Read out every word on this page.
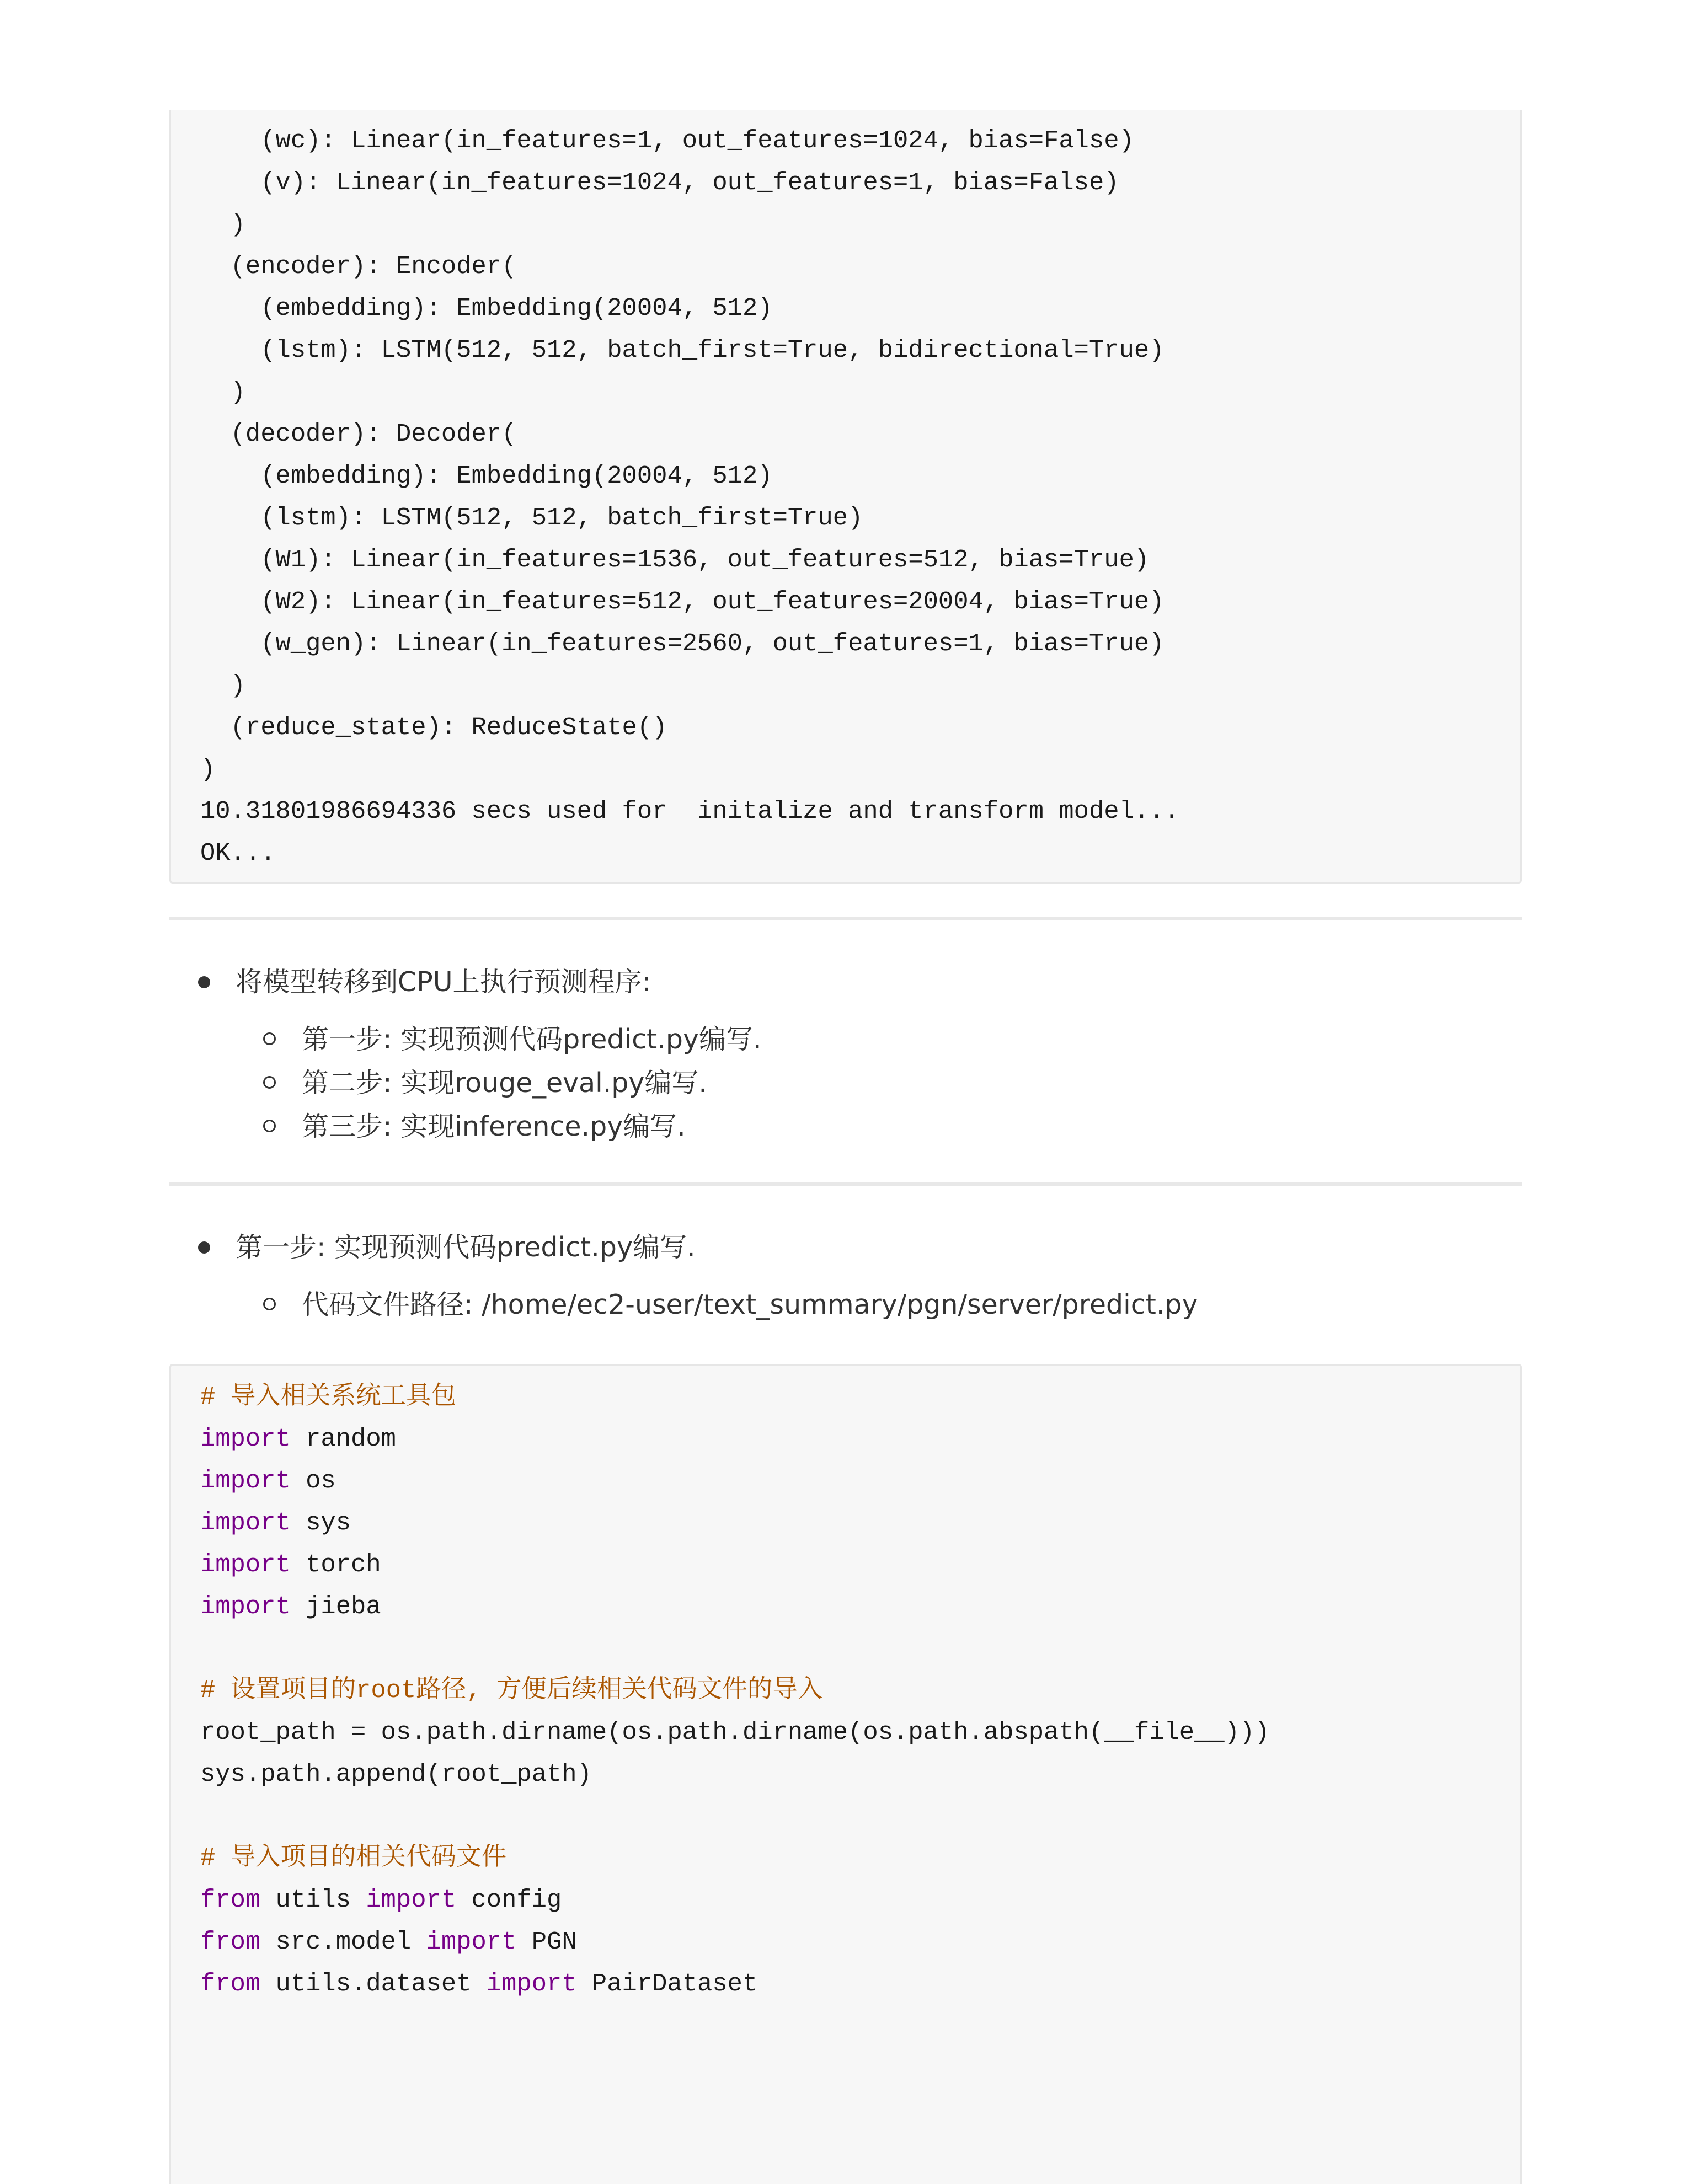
(wc): Linear(in_features=1, out_features=1024, bias=False)

(v): Linear(in_features=1024, out_features=1, bias=False)

)

(encoder): Encoder(

(embedding): Embedding(20004, 512)

(lstm): LSTM(512, 512, batch_first=True, bidirectional=True)

)

(decoder): Decoder(

(embedding): Embedding(20004, 512)

(lstm): LSTM(512, 512, batch_first=True)

(W1): Linear(in_features=1536, out_features=512, bias=True)

(W2): Linear(in_features=512, out_features=20004, bias=True)

(w_gen): Linear(in_features=2560, out_features=1, bias=True)

)

(reduce_state): ReduceState()

)

10.31801986694336 secs used for  initalize and transform model...

OK...

将模型转移到CPU上执行预测程序:
第一步: 实现预测代码predict.py编写.
第二步: 实现rouge_eval.py编写.
第三步: 实现inference.py编写.
第一步: 实现预测代码predict.py编写.
代码文件路径: /home/ec2-user/text_summary/pgn/server/predict.py

# 导入相关系统工具包

import random

import os

import sys

import torch

import jieba

# 设置项目的root路径, 方便后续相关代码文件的导入

root_path = os.path.dirname(os.path.dirname(os.path.abspath(__file__)))

sys.path.append(root_path)

# 导入项目的相关代码文件

from utils import config

from src.model import PGN

from utils.dataset import PairDataset
